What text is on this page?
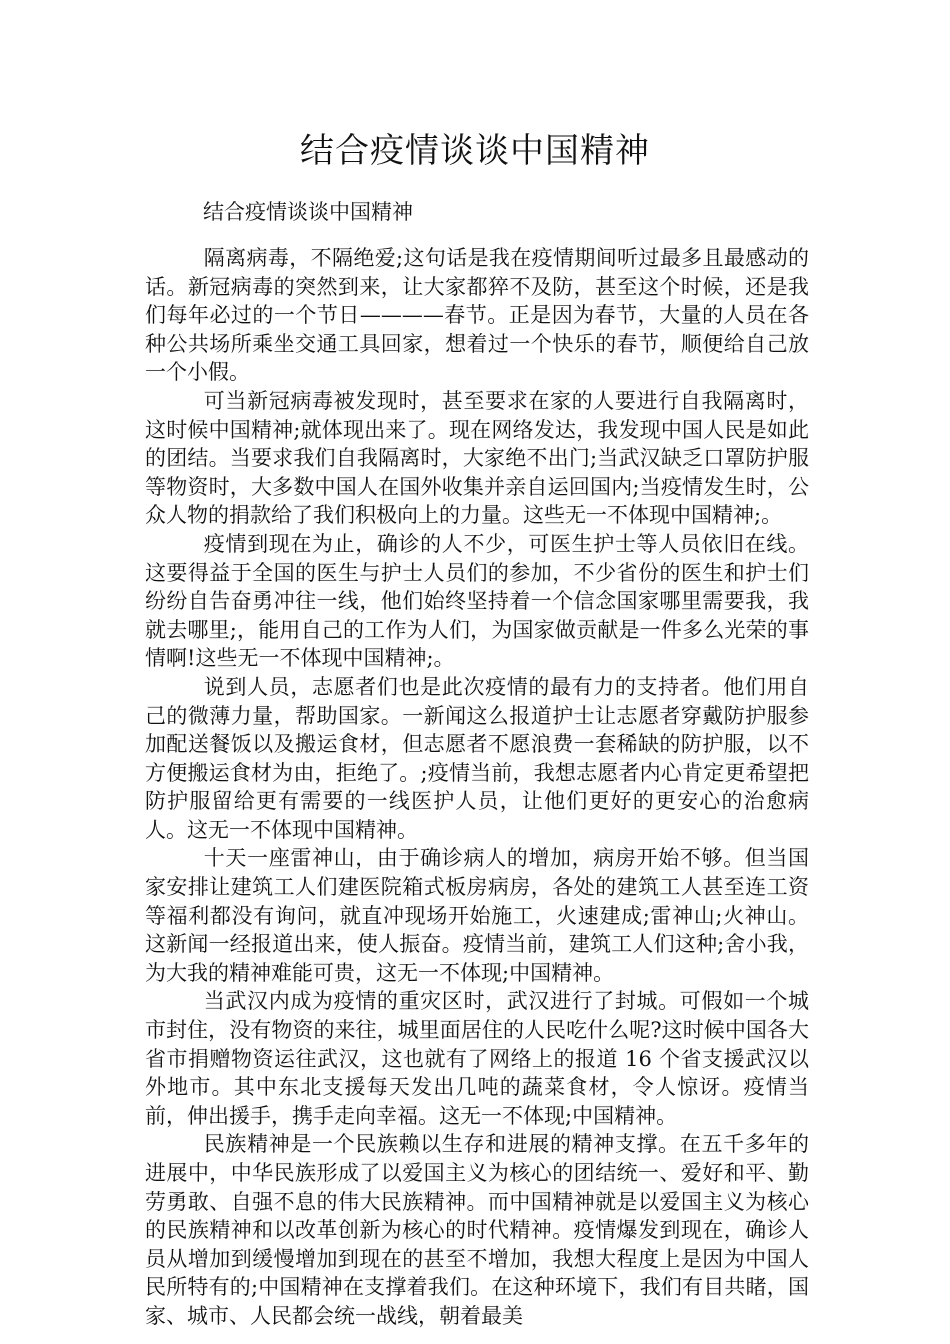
结合疫情谈谈中国精神

结合疫情谈谈中国精神

隔离病毒，不隔绝爱;这句话是我在疫情期间听过最多且最感动的话。新冠病毒的突然到来，让大家都猝不及防，甚至这个时候，还是我们每年必过的一个节日————春节。正是因为春节，大量的人员在各种公共场所乘坐交通工具回家，想着过一个快乐的春节，顺便给自己放一个小假。

可当新冠病毒被发现时，甚至要求在家的人要进行自我隔离时，这时候中国精神;就体现出来了。现在网络发达，我发现中国人民是如此的团结。当要求我们自我隔离时，大家绝不出门;当武汉缺乏口罩防护服等物资时，大多数中国人在国外收集并亲自运回国内;当疫情发生时，公众人物的捐款给了我们积极向上的力量。这些无一不体现中国精神;。

疫情到现在为止，确诊的人不少，可医生护士等人员依旧在线。这要得益于全国的医生与护士人员们的参加，不少省份的医生和护士们纷纷自告奋勇冲往一线，他们始终坚持着一个信念国家哪里需要我，我就去哪里;，能用自己的工作为人们，为国家做贡献是一件多么光荣的事情啊!这些无一不体现中国精神;。

说到人员，志愿者们也是此次疫情的最有力的支持者。他们用自己的微薄力量，帮助国家。一新闻这么报道护士让志愿者穿戴防护服参加配送餐饭以及搬运食材，但志愿者不愿浪费一套稀缺的防护服，以不方便搬运食材为由，拒绝了。;疫情当前，我想志愿者内心肯定更希望把防护服留给更有需要的一线医护人员，让他们更好的更安心的治愈病人。这无一不体现中国精神。

十天一座雷神山，由于确诊病人的增加，病房开始不够。但当国家安排让建筑工人们建医院箱式板房病房，各处的建筑工人甚至连工资等福利都没有询问，就直冲现场开始施工，火速建成;雷神山;火神山。这新闻一经报道出来，使人振奋。疫情当前，建筑工人们这种;舍小我，为大我的精神难能可贵，这无一不体现;中国精神。

当武汉内成为疫情的重灾区时，武汉进行了封城。可假如一个城市封住，没有物资的来往，城里面居住的人民吃什么呢?这时候中国各大省市捐赠物资运往武汉，这也就有了网络上的报道 16 个省支援武汉以外地市。其中东北支援每天发出几吨的蔬菜食材，令人惊讶。疫情当前，伸出援手，携手走向幸福。这无一不体现;中国精神。

民族精神是一个民族赖以生存和进展的精神支撑。在五千多年的进展中，中华民族形成了以爱国主义为核心的团结统一、爱好和平、勤劳勇敢、自强不息的伟大民族精神。而中国精神就是以爱国主义为核心的民族精神和以改革创新为核心的时代精神。疫情爆发到现在，确诊人员从增加到缓慢增加到现在的甚至不增加，我想大程度上是因为中国人民所特有的;中国精神在支撑着我们。在这种环境下，我们有目共睹，国家、城市、人民都会统一战线，朝着最美
